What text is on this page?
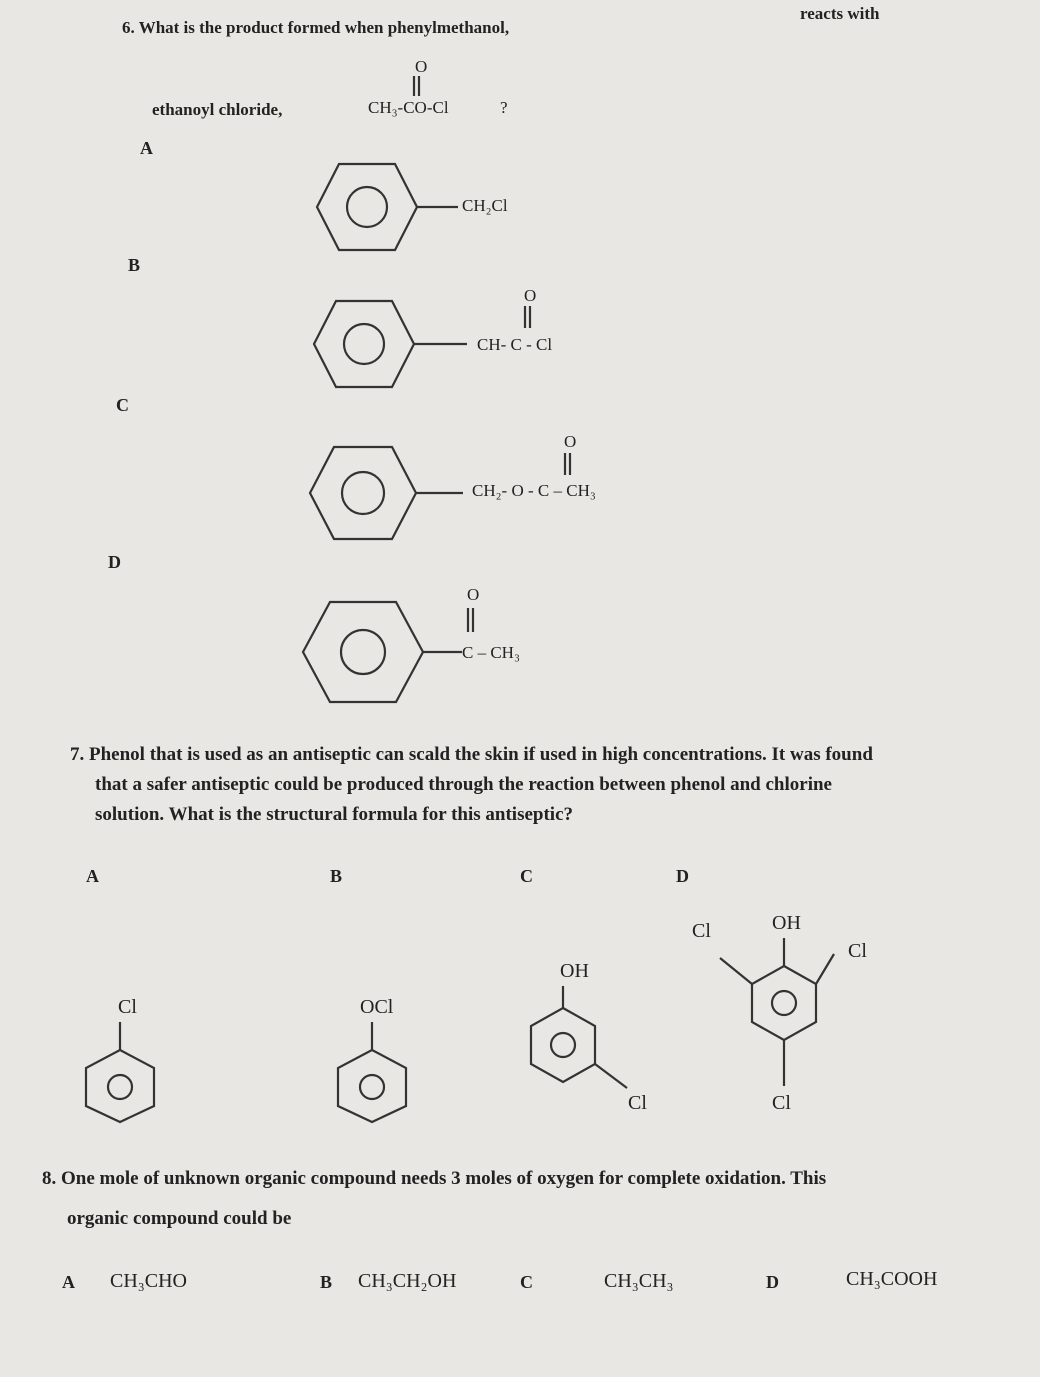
6. What is the product formed when phenylmethanol,
reacts with
ethanoyl chloride,
O
CH₃-CO-Cl	?
A
CH₂Cl
B
O
CH- C - Cl
C
O
CH₂- O - C – CH₃
D
O
C – CH₃
7. Phenol that is used as an antiseptic can scald the skin if used in high concentrations. It was found
that a safer antiseptic could be produced through the reaction between phenol and chlorine
solution. What is the structural formula for this antiseptic?
A	B	C	D
Cl	OCl
OH
Cl
Cl	OH
Cl
Cl
8. One mole of unknown organic compound needs 3 moles of oxygen for complete oxidation. This
organic compound could be
A CH₃CHO	B CH₃CH₂OH	C	CH₃CH₃	D	CH₃COOH
